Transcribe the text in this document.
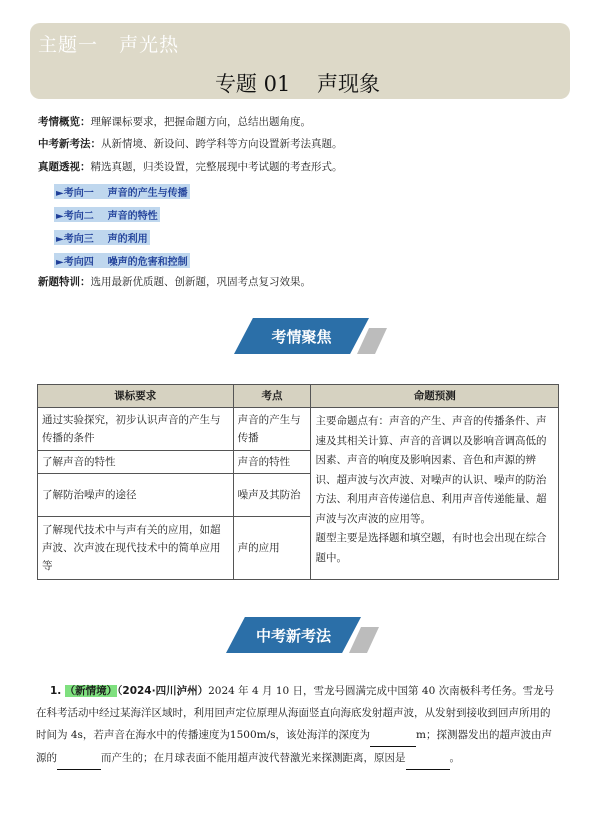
主题一   声光热
专题 01    声现象
考情概览：理解课标要求，把握命题方向，总结出题角度。
中考新考法：从新情境、新设问、跨学科等方向设置新考法真题。
真题透视：精选真题，归类设置，完整展现中考试题的考查形式。
►考向一    声音的产生与传播
►考向二    声音的特性
►考向三    声的利用
►考向四    噪声的危害和控制
新题特训：选用最新优质题、创新题，巩固考点复习效果。
考情聚焦
课标要求	考点	命题预测
通过实验探究，初步认识声音的产生与传播的条件	声音的产生与传播	主要命题点有：声音的产生、声音的传播条件、声速及其相关计算、声音的音调以及影响音调高低的因素、声音的响度及影响因素、音色和声源的辨识、超声波与次声波、对噪声的认识、噪声的防治方法、利用声音传递信息、利用声音传递能量、超声波与次声波的应用等。
题型主要是选择题和填空题，有时也会出现在综合题中。

了解声音的特性	声音的特性	
了解防治噪声的途径	噪声及其防治	
了解现代技术中与声有关的应用，如超声波、次声波在现代技术中的简单应用等	声的应用	
中考新考法
1. （新情境）（2024·四川泸州）2024 年 4 月 10 日，雪龙号圆满完成中国第 40 次南极科考任务。雪龙号在科考活动中经过某海洋区域时，利用回声定位原理从海面竖直向海底发射超声波，从发射到接收到回声所用的时间为 4s，若声音在海水中的传播速度为1500m/s，该处海洋的深度为	m；探测器发出的超声波由声源的	而产生的；在月球表面不能用超声波代替激光来探测距离，原因是	。
